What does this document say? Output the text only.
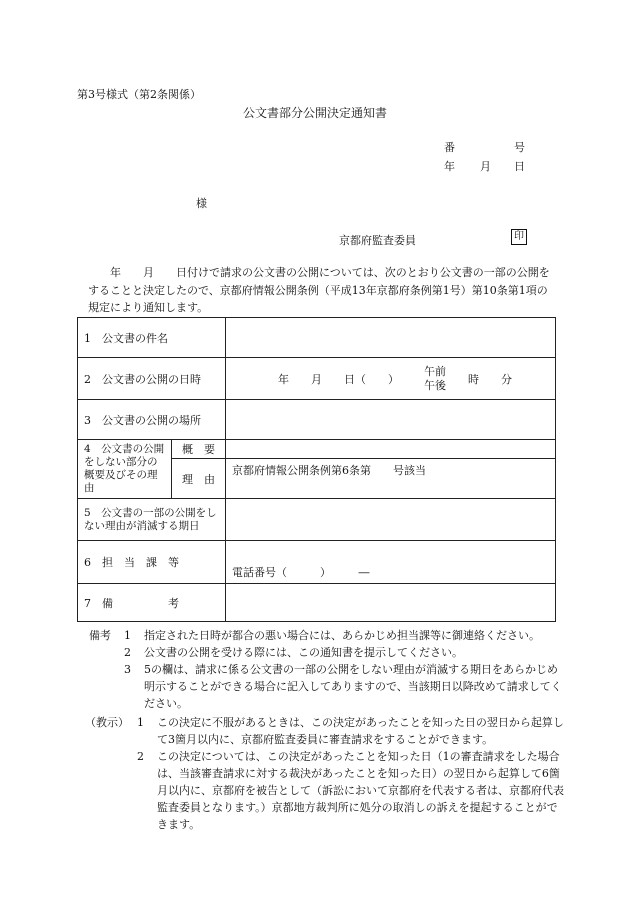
第3号様式（第2条関係）
公文書部分公開決定通知書
番	号
年 月 日
様
京都府監査委員	印
　　年　　月　　日付けで請求の公文書の公開については、次のとおり公文書の一部の公開をすることと決定したので、京都府情報公開条例（平成13年京都府条例第1号）第10条第1項の規定により通知します。
1　公文書の件名		
2　公文書の公開の日時		年　　月　　日（　　）
午前
午後 時　　分

3　公文書の公開の場所		
4　公文書の公開をしない部分の概要及びその理由	概　要	
	理　由	京都府情報公開条例第6条第　　号該当
5　公文書の一部の公開をしない理由が消滅する期日		
6　担　当　課　等		電話番号（　　　）　　　―
7　備　　　　　考		
備考	1	指定された日時が都合の悪い場合には、あらかじめ担当課等に御連絡ください。
2	公文書の公開を受ける際には、この通知書を提示してください。
3	5の欄は、請求に係る公文書の一部の公開をしない理由が消滅する期日をあらかじめ明示することができる場合に記入してありますので、当該期日以降改めて請求してください。
（教示） 1	この決定に不服があるときは、この決定があったことを知った日の翌日から起算して3箇月以内に、京都府監査委員に審査請求をすることができます。
2	この決定については、この決定があったことを知った日（1の審査請求をした場合は、当該審査請求に対する裁決があったことを知った日）の翌日から起算して6箇月以内に、京都府を被告として（訴訟において京都府を代表する者は、京都府代表監査委員となります。）京都地方裁判所に処分の取消しの訴えを提起することができます。
